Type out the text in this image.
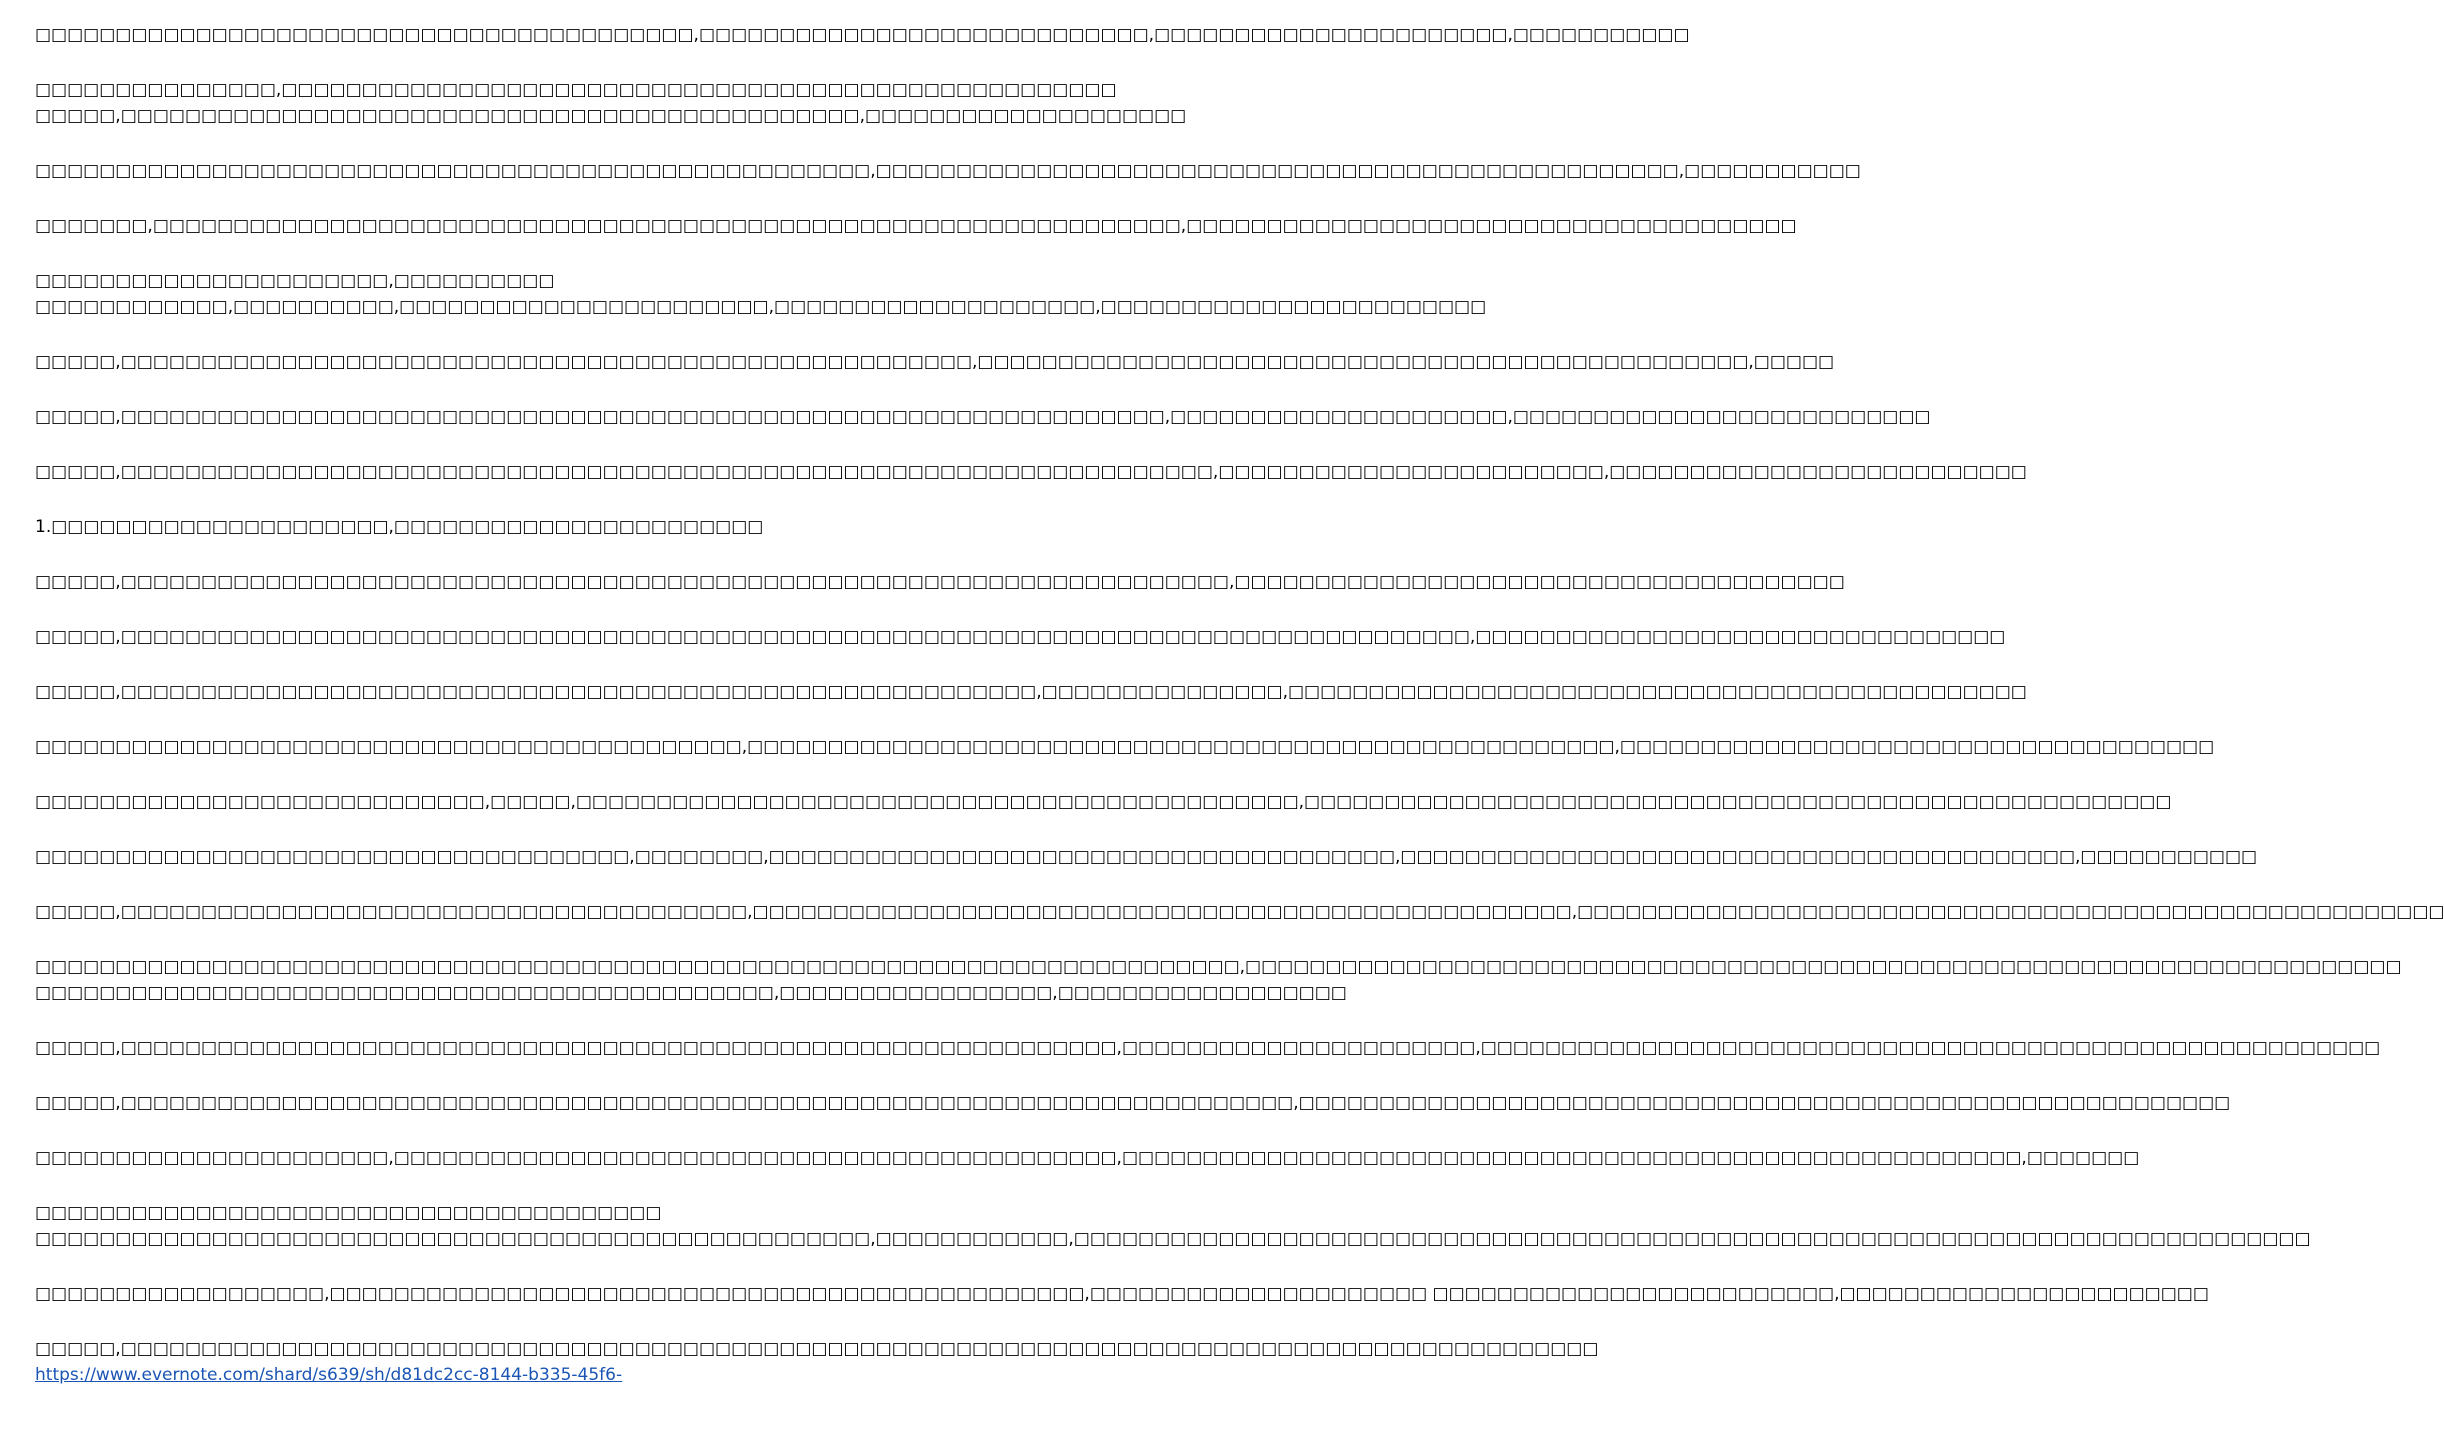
□□□□□□□□□□□□□□□□□□□□□□□□□□□□□□□□□□□□□□□□□,□□□□□□□□□□□□□□□□□□□□□□□□□□□□,□□□□□□□□□□□□□□□□□□□□□□,□□□□□□□□□□□
□□□□□□□□□□□□□□□,□□□□□□□□□□□□□□□□□□□□□□□□□□□□□□□□□□□□□□□□□□□□□□□□□□□□
□□□□□,□□□□□□□□□□□□□□□□□□□□□□□□□□□□□□□□□□□□□□□□□□□□□□,□□□□□□□□□□□□□□□□□□□□
□□□□□□□□□□□□□□□□□□□□□□□□□□□□□□□□□□□□□□□□□□□□□□□□□□□□,□□□□□□□□□□□□□□□□□□□□□□□□□□□□□□□□□□□□□□□□□□□□□□□□□□,□□□□□□□□□□□
□□□□□□□,□□□□□□□□□□□□□□□□□□□□□□□□□□□□□□□□□□□□□□□□□□□□□□□□□□□□□□□□□□□□□□□□,□□□□□□□□□□□□□□□□□□□□□□□□□□□□□□□□□□□□□□
□□□□□□□□□□□□□□□□□□□□□□,□□□□□□□□□□
□□□□□□□□□□□□,□□□□□□□□□□,□□□□□□□□□□□□□□□□□□□□□□□,□□□□□□□□□□□□□□□□□□□□,□□□□□□□□□□□□□□□□□□□□□□□□
□□□□□,□□□□□□□□□□□□□□□□□□□□□□□□□□□□□□□□□□□□□□□□□□□□□□□□□□□□□,□□□□□□□□□□□□□□□□□□□□□□□□□□□□□□□□□□□□□□□□□□□□□□□□,□□□□□
□□□□□,□□□□□□□□□□□□□□□□□□□□□□□□□□□□□□□□□□□□□□□□□□□□□□□□□□□□□□□□□□□□□□□□□,□□□□□□□□□□□□□□□□□□□□□,□□□□□□□□□□□□□□□□□□□□□□□□□□
□□□□□,□□□□□□□□□□□□□□□□□□□□□□□□□□□□□□□□□□□□□□□□□□□□□□□□□□□□□□□□□□□□□□□□□□□□,□□□□□□□□□□□□□□□□□□□□□□□□,□□□□□□□□□□□□□□□□□□□□□□□□□□
1.□□□□□□□□□□□□□□□□□□□□□,□□□□□□□□□□□□□□□□□□□□□□□
□□□□□,□□□□□□□□□□□□□□□□□□□□□□□□□□□□□□□□□□□□□□□□□□□□□□□□□□□□□□□□□□□□□□□□□□□□□,□□□□□□□□□□□□□□□□□□□□□□□□□□□□□□□□□□□□□□
□□□□□,□□□□□□□□□□□□□□□□□□□□□□□□□□□□□□□□□□□□□□□□□□□□□□□□□□□□□□□□□□□□□□□□□□□□□□□□□□□□□□□□□□□□,□□□□□□□□□□□□□□□□□□□□□□□□□□□□□□□□□
□□□□□,□□□□□□□□□□□□□□□□□□□□□□□□□□□□□□□□□□□□□□□□□□□□□□□□□□□□□□□□□,□□□□□□□□□□□□□□□,□□□□□□□□□□□□□□□□□□□□□□□□□□□□□□□□□□□□□□□□□□□□□□
□□□□□□□□□□□□□□□□□□□□□□□□□□□□□□□□□□□□□□□□□□□□,□□□□□□□□□□□□□□□□□□□□□□□□□□□□□□□□□□□□□□□□□□□□□□□□□□□□□□,□□□□□□□□□□□□□□□□□□□□□□□□□□□□□□□□□□□□□
□□□□□□□□□□□□□□□□□□□□□□□□□□□□,□□□□□,□□□□□□□□□□□□□□□□□□□□□□□□□□□□□□□□□□□□□□□□□□□□□,□□□□□□□□□□□□□□□□□□□□□□□□□□□□□□□□□□□□□□□□□□□□□□□□□□□□□□
□□□□□□□□□□□□□□□□□□□□□□□□□□□□□□□□□□□□□,□□□□□□□□,□□□□□□□□□□□□□□□□□□□□□□□□□□□□□□□□□□□□□□□,□□□□□□□□□□□□□□□□□□□□□□□□□□□□□□□□□□□□□□□□□□,□□□□□□□□□□□
□□□□□,□□□□□□□□□□□□□□□□□□□□□□□□□□□□□□□□□□□□□□□,□□□□□□□□□□□□□□□□□□□□□□□□□□□□□□□□□□□□□□□□□□□□□□□□□□□,□□□□□□□□□□□□□□□□□□□□□□□□□□□□□□□□□□□□□□□□□□□□□□□□□□□□□□
□□□□□□□□□□□□□□□□□□□□□□□□□□□□□□□□□□□□□□□□□□□□□□□□□□□□□□□□□□□□□□□□□□□□□□□□□□□,□□□□□□□□□□□□□□□□□□□□□□□□□□□□□□□□□□□□□□□□□□□□□□□□□□□□□□□□□□□□□□□□□□□□□□□□
□□□□□□□□□□□□□□□□□□□□□□□□□□□□□□□□□□□□□□□□□□□□□□,□□□□□□□□□□□□□□□□□,□□□□□□□□□□□□□□□□□□
□□□□□,□□□□□□□□□□□□□□□□□□□□□□□□□□□□□□□□□□□□□□□□□□□□□□□□□□□□□□□□□□□□□□,□□□□□□□□□□□□□□□□□□□□□□,□□□□□□□□□□□□□□□□□□□□□□□□□□□□□□□□□□□□□□□□□□□□□□□□□□□□□□□□
□□□□□,□□□□□□□□□□□□□□□□□□□□□□□□□□□□□□□□□□□□□□□□□□□□□□□□□□□□□□□□□□□□□□□□□□□□□□□□□,□□□□□□□□□□□□□□□□□□□□□□□□□□□□□□□□□□□□□□□□□□□□□□□□□□□□□□□□□□
□□□□□□□□□□□□□□□□□□□□□□,□□□□□□□□□□□□□□□□□□□□□□□□□□□□□□□□□□□□□□□□□□□□□,□□□□□□□□□□□□□□□□□□□□□□□□□□□□□□□□□□□□□□□□□□□□□□□□□□□□□□□□,□□□□□□□
□□□□□□□□□□□□□□□□□□□□□□□□□□□□□□□□□□□□□□□
□□□□□□□□□□□□□□□□□□□□□□□□□□□□□□□□□□□□□□□□□□□□□□□□□□□□,□□□□□□□□□□□□,□□□□□□□□□□□□□□□□□□□□□□□□□□□□□□□□□□□□□□□□□□□□□□□□□□□□□□□□□□□□□□□□□□□□□□□□□□□□□
□□□□□□□□□□□□□□□□□□,□□□□□□□□□□□□□□□□□□□□□□□□□□□□□□□□□□□□□□□□□□□□□□□,□□□□□□□□□□□□□□□□□□□□□ □□□□□□□□□□□□□□□□□□□□□□□□□,□□□□□□□□□□□□□□□□□□□□□□□
□□□□□,□□□□□□□□□□□□□□□□□□□□□□□□□□□□□□□□□□□□□□□□□□□□□□□□□□□□□□□□□□□□□□□□□□□□□□□□□□□□□□□□□□□□□□□□□□□□
https://www.evernote.com/shard/s639/sh/d81dc2cc-8144-b335-45f6-
